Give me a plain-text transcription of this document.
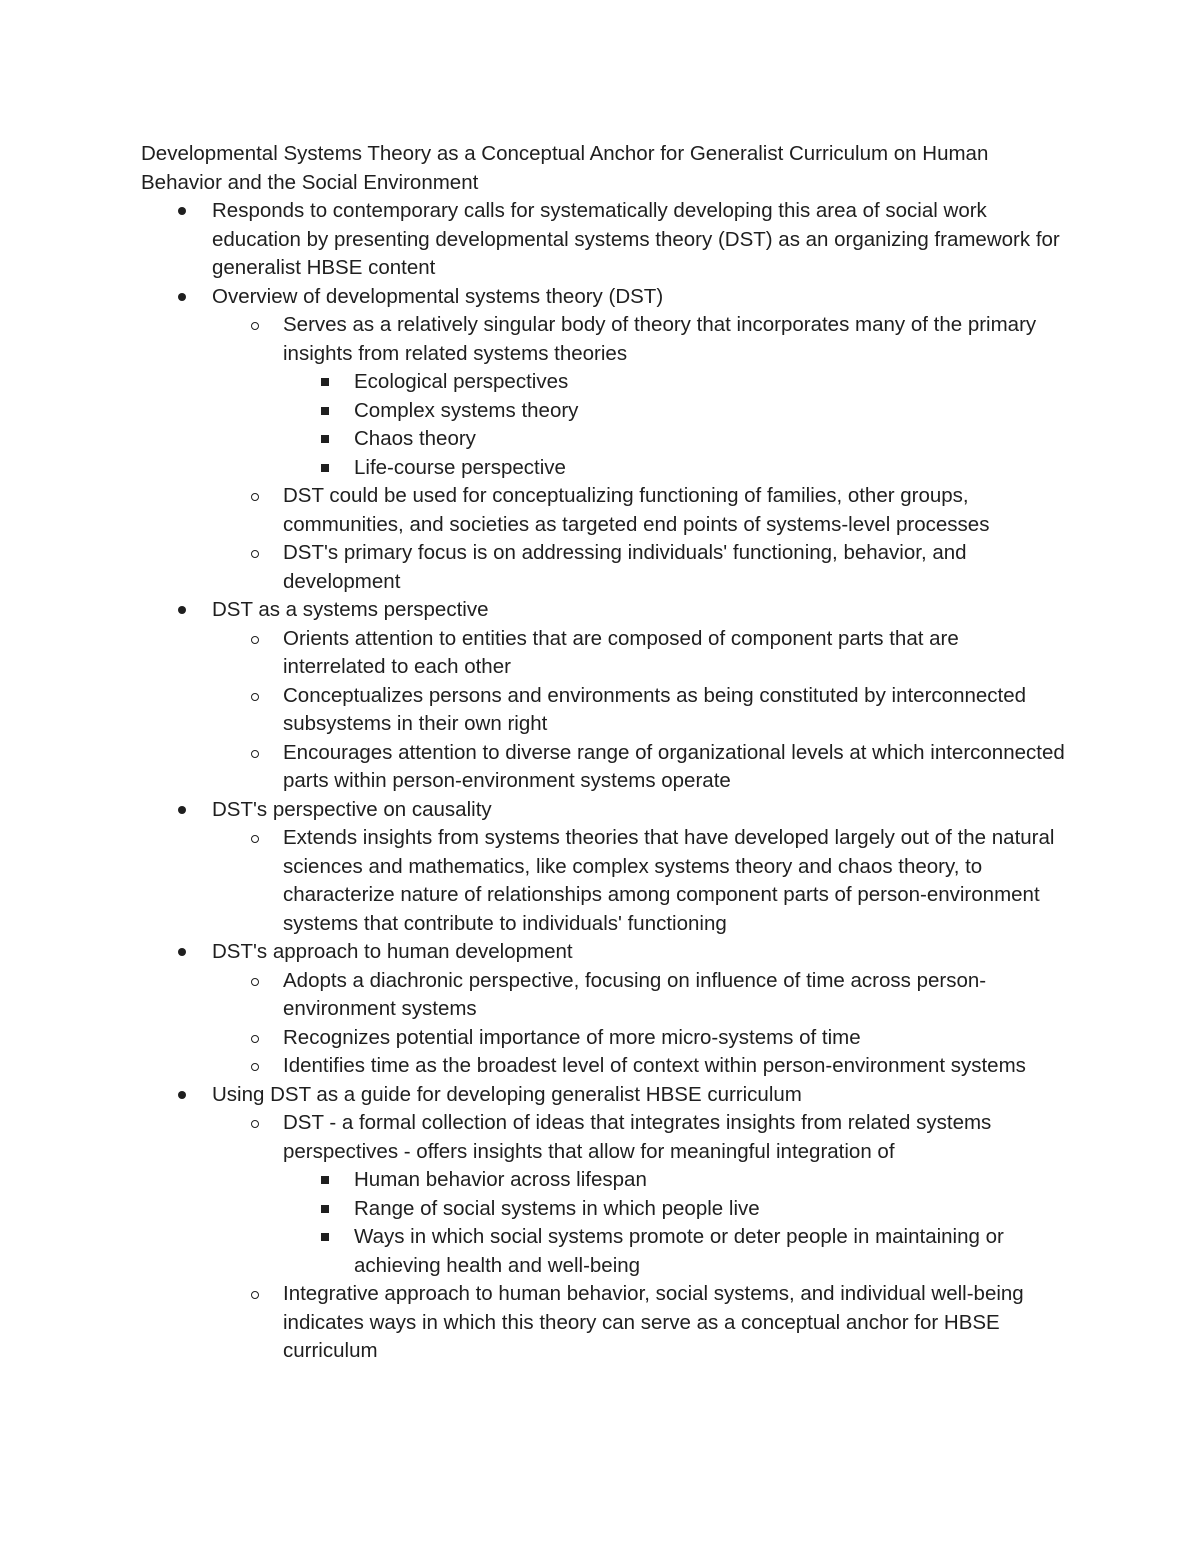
Developmental Systems Theory as a Conceptual Anchor for Generalist Curriculum on Human Behavior and the Social Environment

Responds to contemporary calls for systematically developing this area of social work education by presenting developmental systems theory (DST) as an organizing framework for generalist HBSE content
Overview of developmental systems theory (DST)
Serves as a relatively singular body of theory that incorporates many of the primary insights from related systems theories
Ecological perspectives
Complex systems theory
Chaos theory
Life-course perspective
DST could be used for conceptualizing functioning of families, other groups, communities, and societies as targeted end points of systems-level processes
DST's primary focus is on addressing individuals' functioning, behavior, and development
DST as a systems perspective
Orients attention to entities that are composed of component parts that are interrelated to each other
Conceptualizes persons and environments as being constituted by interconnected subsystems in their own right
Encourages attention to diverse range of organizational levels at which interconnected parts within person-environment systems operate
DST's perspective on causality
Extends insights from systems theories that have developed largely out of the natural sciences and mathematics, like complex systems theory and chaos theory, to characterize nature of relationships among component parts of person-environment systems that contribute to individuals' functioning
DST's approach to human development
Adopts a diachronic perspective, focusing on influence of time across person-environment systems
Recognizes potential importance of more micro-systems of time
Identifies time as the broadest level of context within person-environment systems
Using DST as a guide for developing generalist HBSE curriculum
DST - a formal collection of ideas that integrates insights from related systems perspectives - offers insights that allow for meaningful integration of
Human behavior across lifespan
Range of social systems in which people live
Ways in which social systems promote or deter people in maintaining or achieving health and well-being
Integrative approach to human behavior, social systems, and individual well-being indicates ways in which this theory can serve as a conceptual anchor for HBSE curriculum
